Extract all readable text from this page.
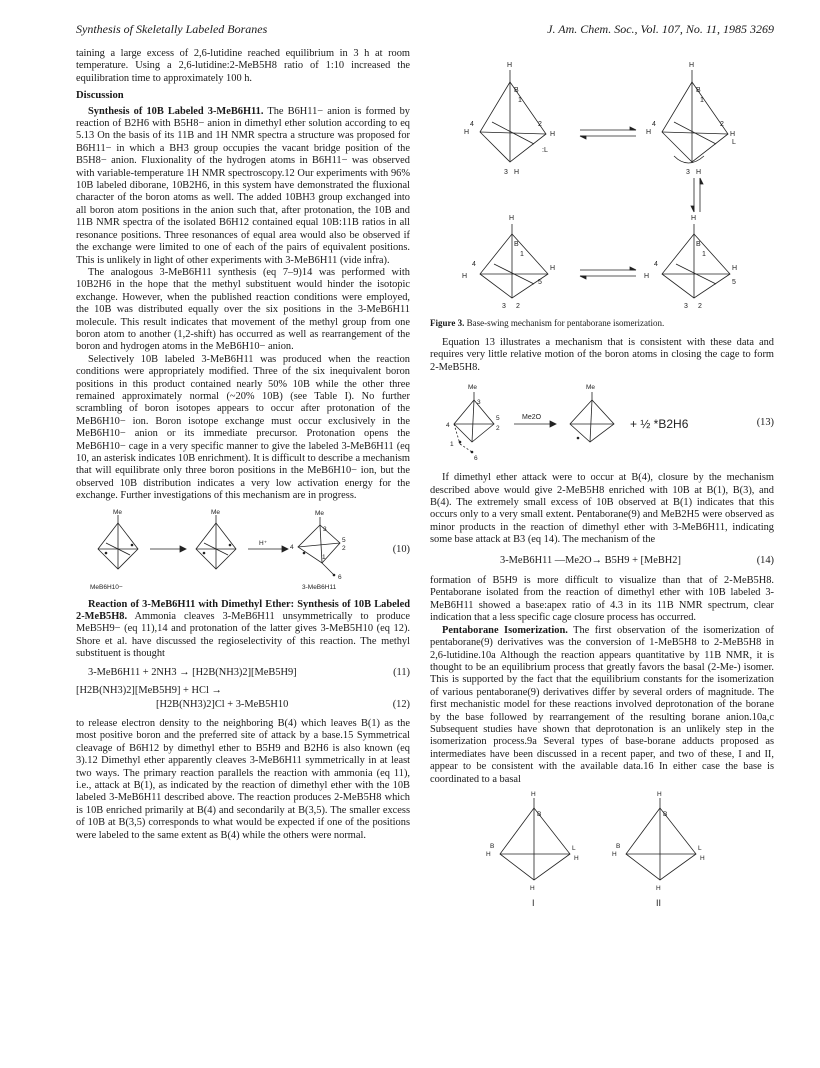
Synthesis of Skeletally Labeled Boranes	J. Am. Chem. Soc., Vol. 107, No. 11, 1985 3269

taining a large excess of 2,6-lutidine reached equilibrium in 3 h at room temperature. Using a 2,6-lutidine:2-MeB5H8 ratio of 1:10 increased the equilibration time to approximately 100 h.

Discussion

Synthesis of 10B Labeled 3-MeB6H11. The B6H11− anion is formed by reaction of B2H6 with B5H8− anion in dimethyl ether solution according to eq 5.13 On the basis of its 11B and 1H NMR spectra a structure was proposed for B6H11− in which a BH3 group occupies the vacant bridge position of the B5H8− anion. Fluxionality of the hydrogen atoms in B6H11− was observed with variable-temperature 1H NMR spectroscopy.12 Our experiments with 96% 10B labeled diborane, 10B2H6, in this system have demonstrated the fluxional character of the boron atoms as well. The added 10BH3 group exchanged into all boron atom positions in the anion such that, after protonation, the 10B and 11B NMR spectra of the isolated B6H12 contained equal 10B:11B ratios in all resonance positions. Three resonances of equal area would also be observed if the exchange were limited to one of each of the pairs of equivalent positions. This is unlikely in light of other experiments with 3-MeB6H11 (vide infra).

The analogous 3-MeB6H11 synthesis (eq 7–9)14 was performed with 10B2H6 in the hope that the methyl substituent would hinder the isotopic exchange. However, when the published reaction conditions were employed, the 10B was distributed equally over the six positions in the 3-MeB6H11 molecule. This result indicates that movement of the methyl group from one boron atom to another (1,2-shift) has occurred as well as rearrangement of the boron and hydrogen atoms in the MeB6H10− anion.

Selectively 10B labeled 3-MeB6H11 was produced when the reaction conditions were appropriately modified. Three of the six inequivalent boron positions in this product contained nearly 50% 10B while the other three remained approximately normal (~20% 10B) (see Table I). No further scrambling of boron isotopes appears to occur after protonation of the MeB6H10− ion. Boron isotope exchange must occur exclusively in the MeB6H10− anion or its immediate precursor. Protonation opens the MeB6H10− cage in a very specific manner to give the labeled 3-MeB6H11 (eq 10, an asterisk indicates 10B enrichment). It is difficult to describe a mechanism that will equilibrate only three boron positions in the MeB6H10− ion, but the observed 10B distribution indicates a very low activation energy for the exchange. Further investigations of this mechanism are in progress.

Me	Me	Me
H⁺
3
4
5
2
6
1
MeB6H10−	3-MeB6H11
(10)

Reaction of 3-MeB6H11 with Dimethyl Ether: Synthesis of 10B Labeled 2-MeB5H8. Ammonia cleaves 3-MeB6H11 unsymmetrically to produce MeB5H9− (eq 11),14 and protonation of the latter gives 3-MeB5H10 (eq 12). Shore et al. have discussed the regioselectivity of this reaction. The methyl substituent is thought

3-MeB6H11 + 2NH3 → [H2B(NH3)2][MeB5H9]	(11)
[H2B(NH3)2][MeB5H9] + HCl →
[H2B(NH3)2]Cl + 3-MeB5H10	(12)

to release electron density to the neighboring B(4) which leaves B(1) as the most positive boron and the preferred site of attack by a base.15 Symmetrical cleavage of B6H12 by dimethyl ether to B5H9 and B2H6 is also known (eq 3).12 Dimethyl ether apparently cleaves 3-MeB6H11 symmetrically in at least two ways. The primary reaction parallels the reaction with ammonia (eq 11), i.e., attack at B(1), as indicated by the reaction of dimethyl ether with the 10B labeled 3-MeB6H11 described above. The reaction produces 2-MeB5H8 which is 10B enriched primarily at B(4) and secondarily at B(3,5). The smaller excess of 10B at B(3,5) corresponds to what would be expected if one of the positions were labeled to the same extent as B(4) while the others were normal.

H
B
1
H
4
H
2
:L
3 H
H
B
1
H
4	2
H
L
3 H
H
B
1
H
4
H
5
3 2
H
B
1
H
4
H
5
3 2
Figure 3. Base-swing mechanism for pentaborane isomerization.

Equation 13 illustrates a mechanism that is consistent with these data and requires very little relative motion of the boron atoms in closing the cage to form 2-MeB5H8.

Me
3
4
5
2
1
6
Me
Me2O	+ ½ *B2H6	(13)

If dimethyl ether attack were to occur at B(4), closure by the mechanism described above would give 2-MeB5H8 enriched with 10B at B(1), B(3), and B(4). The extremely small excess of 10B observed at B(1) indicates that this occurs only to a very small extent. Pentaborane(9) and MeB2H5 were observed as minor products in the reaction of dimethyl ether with 3-MeB6H11, indicating some base attack at B3 (eq 14). The mechanism of the

3-MeB6H11 —Me2O→ B5H9 + [MeBH2]	(14)

formation of B5H9 is more difficult to visualize than that of 2-MeB5H8. Pentaborane isolated from the reaction of dimethyl ether with 10B labeled 3-MeB6H11 showed a base:apex ratio of 4.3 in its 11B NMR spectrum, clear indication that a less specific cage closure process has occurred.

Pentaborane Isomerization. The first observation of the isomerization of pentaborane(9) derivatives was the conversion of 1-MeB5H8 to 2-MeB5H8 in 2,6-lutidine.10a Although the reaction appears quantitative by 11B NMR, it is thought to be an equilibrium process that greatly favors the basal (2-Me-) isomer. This is supported by the fact that the equilibrium constants for the isomerization of various pentaborane(9) derivatives differ by several orders of magnitude. The first mechanistic model for these reactions involved deprotonation of the borane by the base followed by rearrangement of the resulting borane anion.10a,c Subsequent studies have shown that deprotonation is an unlikely step in the isomerization process.9a Several types of base-borane adducts proposed as intermediates have been discussed in a recent paper, and two of these, I and II, appear to be consistent with the available data.16 In either case the base is coordinated to a basal

H
B
H
B	L
H
H
H
B
H
B	L
H
H
I	II
